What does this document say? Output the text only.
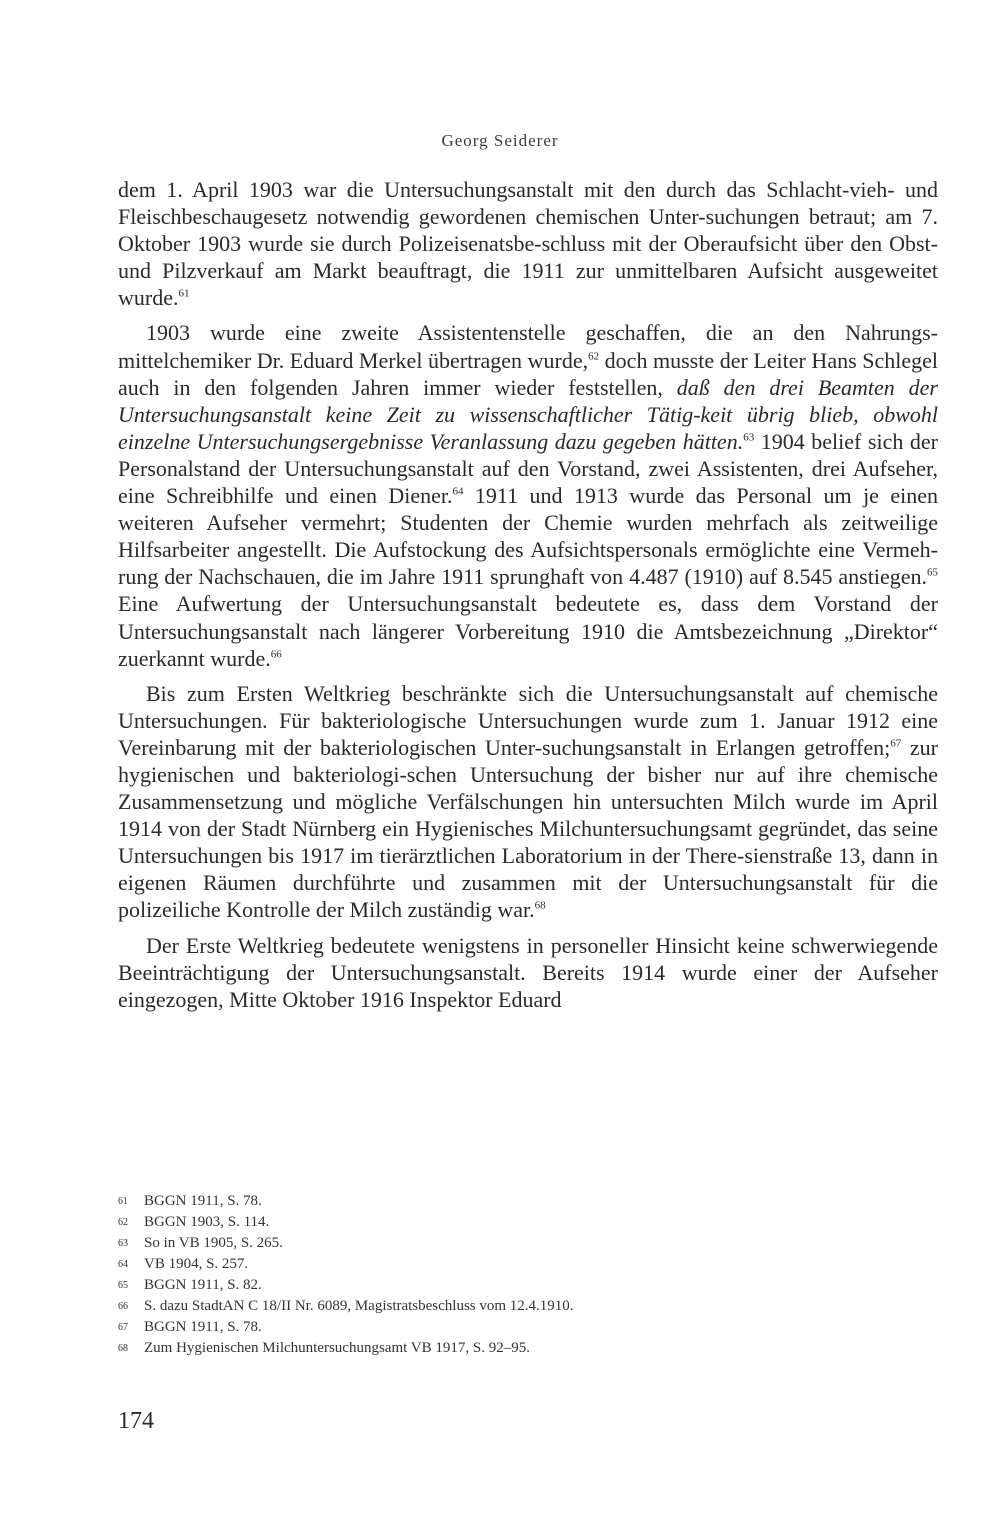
Georg Seiderer

dem 1. April 1903 war die Untersuchungsanstalt mit den durch das Schlacht-vieh- und Fleischbeschaugesetz notwendig gewordenen chemischen Unter-suchungen betraut; am 7. Oktober 1903 wurde sie durch Polizeisenatsbe-schluss mit der Oberaufsicht über den Obst- und Pilzverkauf am Markt beauftragt, die 1911 zur unmittelbaren Aufsicht ausgeweitet wurde.$^{61}$

1903 wurde eine zweite Assistentenstelle geschaffen, die an den Nahrungs-mittelchemiker Dr. Eduard Merkel übertragen wurde,$^{62}$ doch musste der Leiter Hans Schlegel auch in den folgenden Jahren immer wieder feststellen, daß den drei Beamten der Untersuchungsanstalt keine Zeit zu wissenschaftlicher Tätig-keit übrig blieb, obwohl einzelne Untersuchungsergebnisse Veranlassung dazu gegeben hätten.$^{63}$ 1904 belief sich der Personalstand der Untersuchungsanstalt auf den Vorstand, zwei Assistenten, drei Aufseher, eine Schreibhilfe und einen Diener.$^{64}$ 1911 und 1913 wurde das Personal um je einen weiteren Aufseher vermehrt; Studenten der Chemie wurden mehrfach als zeitweilige Hilfsarbeiter angestellt. Die Aufstockung des Aufsichtspersonals ermöglichte eine Vermeh-rung der Nachschauen, die im Jahre 1911 sprunghaft von 4.487 (1910) auf 8.545 anstiegen.$^{65}$ Eine Aufwertung der Untersuchungsanstalt bedeutete es, dass dem Vorstand der Untersuchungsanstalt nach längerer Vorbereitung 1910 die Amtsbezeichnung „Direktor“ zuerkannt wurde.$^{66}$

Bis zum Ersten Weltkrieg beschränkte sich die Untersuchungsanstalt auf chemische Untersuchungen. Für bakteriologische Untersuchungen wurde zum 1. Januar 1912 eine Vereinbarung mit der bakteriologischen Unter-suchungsanstalt in Erlangen getroffen;$^{67}$ zur hygienischen und bakteriologi-schen Untersuchung der bisher nur auf ihre chemische Zusammensetzung und mögliche Verfälschungen hin untersuchten Milch wurde im April 1914 von der Stadt Nürnberg ein Hygienisches Milchuntersuchungsamt gegründet, das seine Untersuchungen bis 1917 im tierärztlichen Laboratorium in der There-sienstraße 13, dann in eigenen Räumen durchführte und zusammen mit der Untersuchungsanstalt für die polizeiliche Kontrolle der Milch zuständig war.$^{68}$

Der Erste Weltkrieg bedeutete wenigstens in personeller Hinsicht keine schwerwiegende Beeinträchtigung der Untersuchungsanstalt. Bereits 1914 wurde einer der Aufseher eingezogen, Mitte Oktober 1916 Inspektor Eduard

61	BGGN 1911, S. 78.
62	BGGN 1903, S. 114.
63	So in VB 1905, S. 265.
64	VB 1904, S. 257.
65	BGGN 1911, S. 82.
66	S. dazu StadtAN C 18/II Nr. 6089, Magistratsbeschluss vom 12.4.1910.
67	BGGN 1911, S. 78.
68	Zum Hygienischen Milchuntersuchungsamt VB 1917, S. 92–95.
174
